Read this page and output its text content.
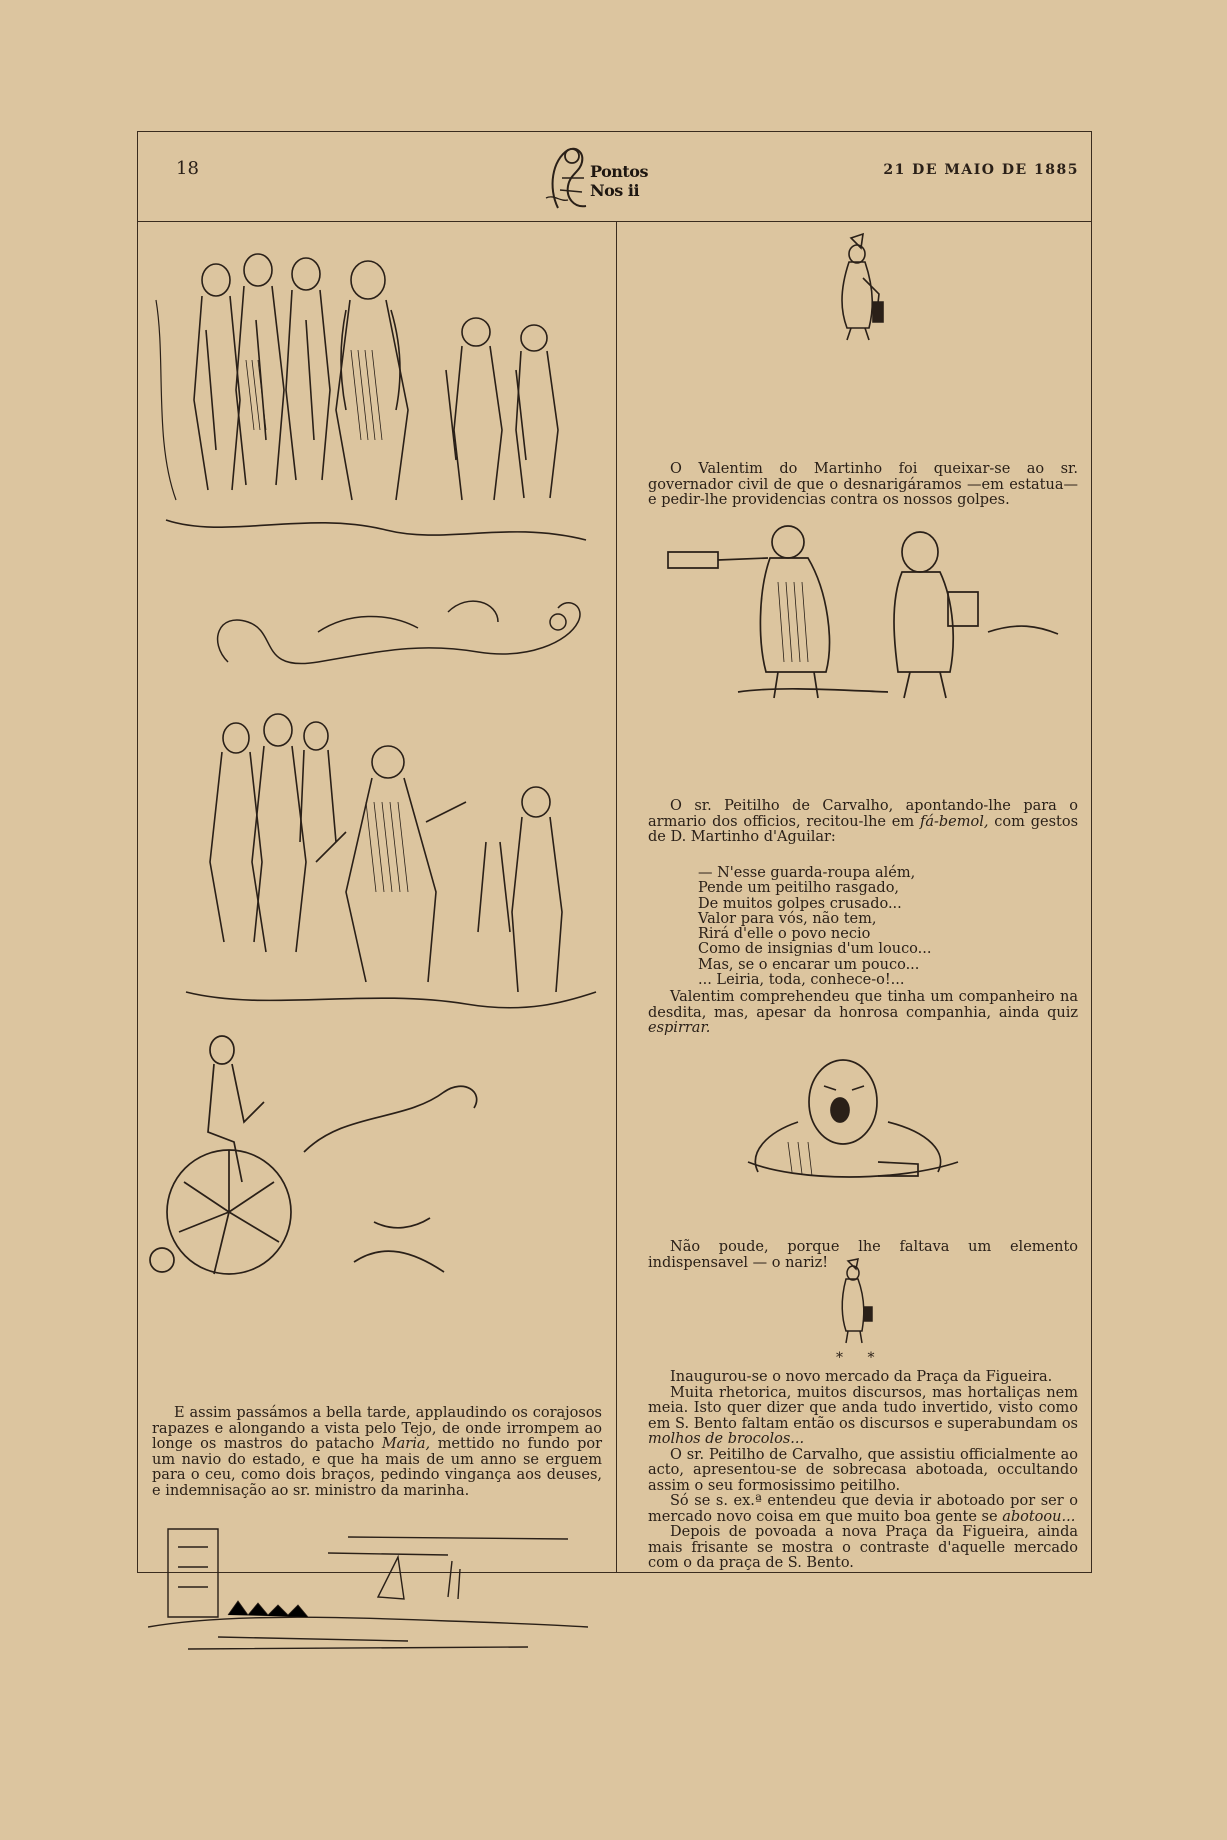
18	Pontos Nos ii
21 DE MAIO DE 1885

E assim passámos a bella tarde, applaudindo os corajosos rapazes e alongando a vista pelo Tejo, de onde irrompem ao longe os mastros do patacho Maria, mettido no fundo por um navio do estado, e que ha mais de um anno se erguem para o ceu, como dois braços, pedindo vingança aos deuses, e indemnisação ao sr. ministro da marinha.

O Valentim do Martinho foi queixar-se ao sr. governador civil de que o desnarigáramos —em estatua— e pedir-lhe providencias contra os nossos golpes.

O sr. Peitilho de Carvalho, apontando-lhe para o armario dos officios, recitou-lhe em fá-bemol, com gestos de D. Martinho d'Aguilar:

— N'esse guarda-roupa além,
Pende um peitilho rasgado,
De muitos golpes crusado...
Valor para vós, não tem,
Rirá d'elle o povo necio
Como de insignias d'um louco...
Mas, se o encarar um pouco...
... Leiria, toda, conhece-o!...

Valentim comprehendeu que tinha um companheiro na desdita, mas, apesar da honrosa companhia, ainda quiz espirrar.

Não poude, porque lhe faltava um elemento indispensavel — o nariz!

* *

Inaugurou-se o novo mercado da Praça da Figueira.

Muita rhetorica, muitos discursos, mas hortaliças nem meia. Isto quer dizer que anda tudo invertido, visto como em S. Bento faltam então os discursos e superabundam os molhos de brocolos...

O sr. Peitilho de Carvalho, que assistiu officialmente ao acto, apresentou-se de sobrecasa abotoada, occultando assim o seu formosissimo peitilho.

Só se s. ex.ª entendeu que devia ir abotoado por ser o mercado novo coisa em que muito boa gente se abotoou...

Depois de povoada a nova Praça da Figueira, ainda mais frisante se mostra o contraste d'aquelle mercado com o da praça de S. Bento.
